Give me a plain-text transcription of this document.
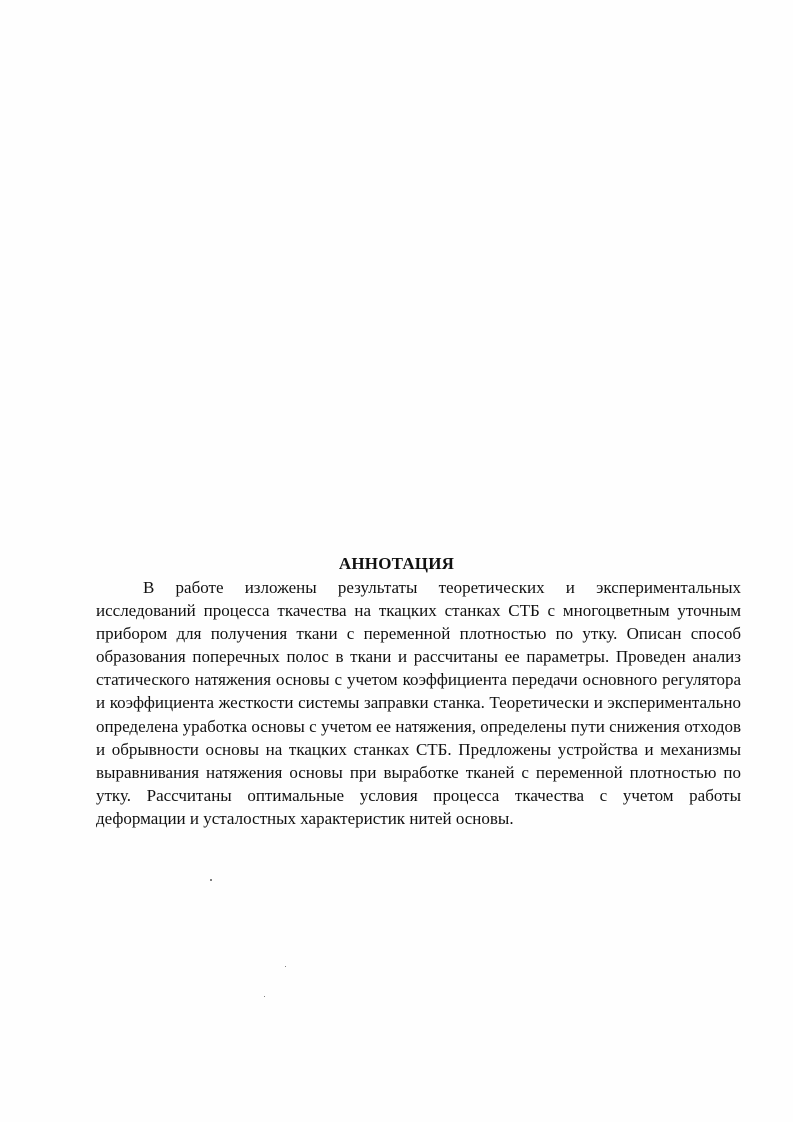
АННОТАЦИЯ

В работе изложены результаты теоретических и экспериментальных исследований процесса ткачества на ткацких станках СТБ с многоцветным уточным прибором для получения ткани с переменной плотностью по утку. Описан способ образования поперечных полос в ткани и рассчитаны ее параметры. Проведен анализ статического натяжения основы с учетом коэффициента передачи основного регулятора и коэффициента жесткости системы заправки станка. Теоретически и экспериментально определена уработка основы с учетом ее натяжения, определены пути снижения отходов и обрывности основы на ткацких станках СТБ. Предложены устройства и механизмы выравнивания натяжения основы при выработке тканей с переменной плотностью по утку. Рассчитаны оптимальные условия процесса ткачества с учетом работы деформации и усталостных характеристик нитей основы.
